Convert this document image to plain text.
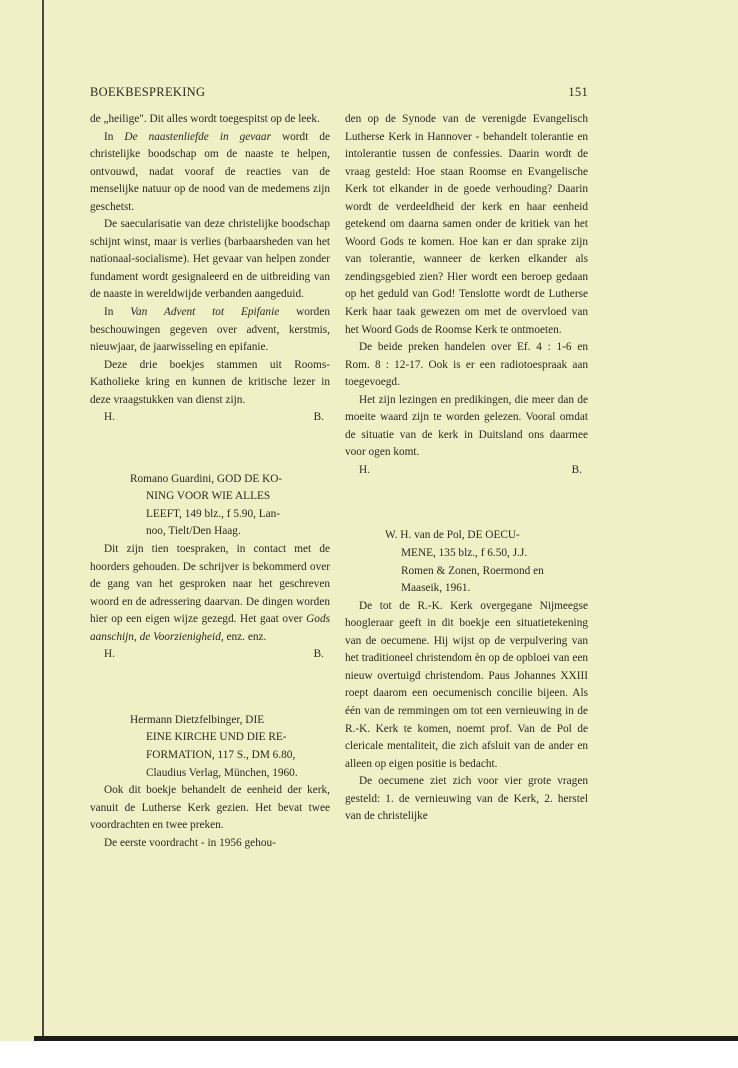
BOEKBESPREKING	151

de „heilige". Dit alles wordt toegespitst op de leek.

In De naastenliefde in gevaar wordt de christelijke boodschap om de naaste te helpen, ontvouwd, nadat vooraf de reacties van de menselijke natuur op de nood van de medemens zijn geschetst.

De saecularisatie van deze christelijke boodschap schijnt winst, maar is verlies (barbaarsheden van het nationaal-socialisme). Het gevaar van helpen zonder fundament wordt gesignaleerd en de uitbreiding van de naaste in wereldwijde verbanden aangeduid.

In Van Advent tot Epifanie worden beschouwingen gegeven over advent, kerstmis, nieuwjaar, de jaarwisseling en epifanie.

Deze drie boekjes stammen uit Rooms-Katholieke kring en kunnen de kritische lezer in deze vraagstukken van dienst zijn.

H.	B.

Romano Guardini, GOD DE KO-
NING VOOR WIE ALLES
LEEFT, 149 blz., f 5.90, Lan-
noo, Tielt/Den Haag.

Dit zijn tien toespraken, in contact met de hoorders gehouden. De schrijver is bekommerd over de gang van het gesproken naar het geschreven woord en de adressering daarvan. De dingen worden hier op een eigen wijze gezegd. Het gaat over Gods aanschijn, de Voorzienigheid, enz. enz.

H.	B.

Hermann Dietzfelbinger, DIE
EINE KIRCHE UND DIE RE-
FORMATION, 117 S., DM 6.80,
Claudius Verlag, München, 1960.

Ook dit boekje behandelt de eenheid der kerk, vanuit de Lutherse Kerk gezien. Het bevat twee voordrachten en twee preken.

De eerste voordracht - in 1956 gehou-

den op de Synode van de verenigde Evangelisch Lutherse Kerk in Hannover - behandelt tolerantie en intolerantie tussen de confessies. Daarin wordt de vraag gesteld: Hoe staan Roomse en Evangelische Kerk tot elkander in de goede verhouding? Daarin wordt de verdeeldheid der kerk en haar eenheid getekend om daarna samen onder de kritiek van het Woord Gods te komen. Hoe kan er dan sprake zijn van tolerantie, wanneer de kerken elkander als zendingsgebied zien? Hier wordt een beroep gedaan op het geduld van God! Tenslotte wordt de Lutherse Kerk haar taak gewezen om met de overvloed van het Woord Gods de Roomse Kerk te ontmoeten.

De beide preken handelen over Ef. 4 : 1-6 en Rom. 8 : 12-17. Ook is er een radiotoespraak aan toegevoegd.

Het zijn lezingen en predikingen, die meer dan de moeite waard zijn te worden gelezen. Vooral omdat de situatie van de kerk in Duitsland ons daarmee voor ogen komt.

H.	B.

W. H. van de Pol, DE OECU-
MENE, 135 blz., f 6.50, J.J.
Romen & Zonen, Roermond en
Maaseik, 1961.

De tot de R.-K. Kerk overgegane Nijmeegse hoogleraar geeft in dit boekje een situatietekening van de oecumene. Hij wijst op de verpulvering van het traditioneel christendom èn op de opbloei van een nieuw overtuigd christendom. Paus Johannes XXIII roept daarom een oecumenisch concilie bijeen. Als één van de remmingen om tot een vernieuwing in de R.-K. Kerk te komen, noemt prof. Van de Pol de clericale mentaliteit, die zich afsluit van de ander en alleen op eigen positie is bedacht.

De oecumene ziet zich voor vier grote vragen gesteld: 1. de vernieuwing van de Kerk, 2. herstel van de christelijke
